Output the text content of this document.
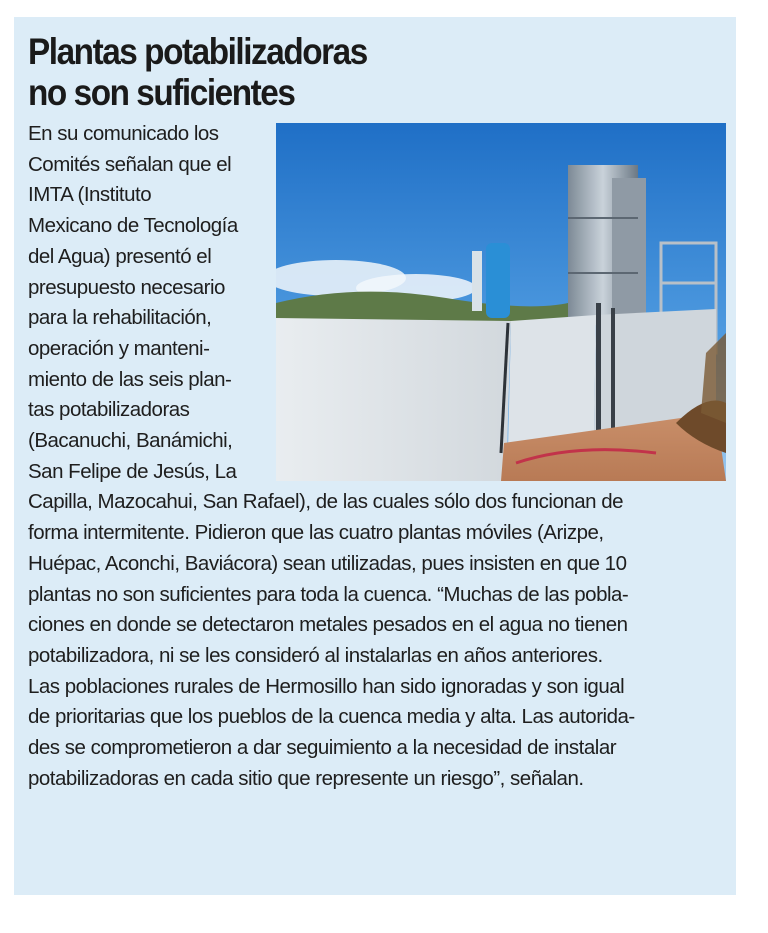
Plantas potabilizadoras
no son suficientes
En su comunicado los
Comités señalan que el
IMTA (Instituto
Mexicano de Tecnología
del Agua) presentó el
presupuesto necesario
para la rehabilitación,
operación y manteni-
miento de las seis plan-
tas potabilizadoras
(Bacanuchi, Banámichi,
San Felipe de Jesús, La
Capilla, Mazocahui, San Rafael), de las cuales sólo dos funcionan de
forma intermitente. Pidieron que las cuatro plantas móviles (Arizpe,
Huépac, Aconchi, Baviácora) sean utilizadas, pues insisten en que 10
plantas no son suficientes para toda la cuenca. “Muchas de las pobla-
ciones en donde se detectaron metales pesados en el agua no tienen
potabilizadora, ni se les consideró al instalarlas en años anteriores.
Las poblaciones rurales de Hermosillo han sido ignoradas y son igual
de prioritarias que los pueblos de la cuenca media y alta. Las autorida-
des se comprometieron a dar seguimiento a la necesidad de instalar
potabilizadoras en cada sitio que represente un riesgo”, señalan.
